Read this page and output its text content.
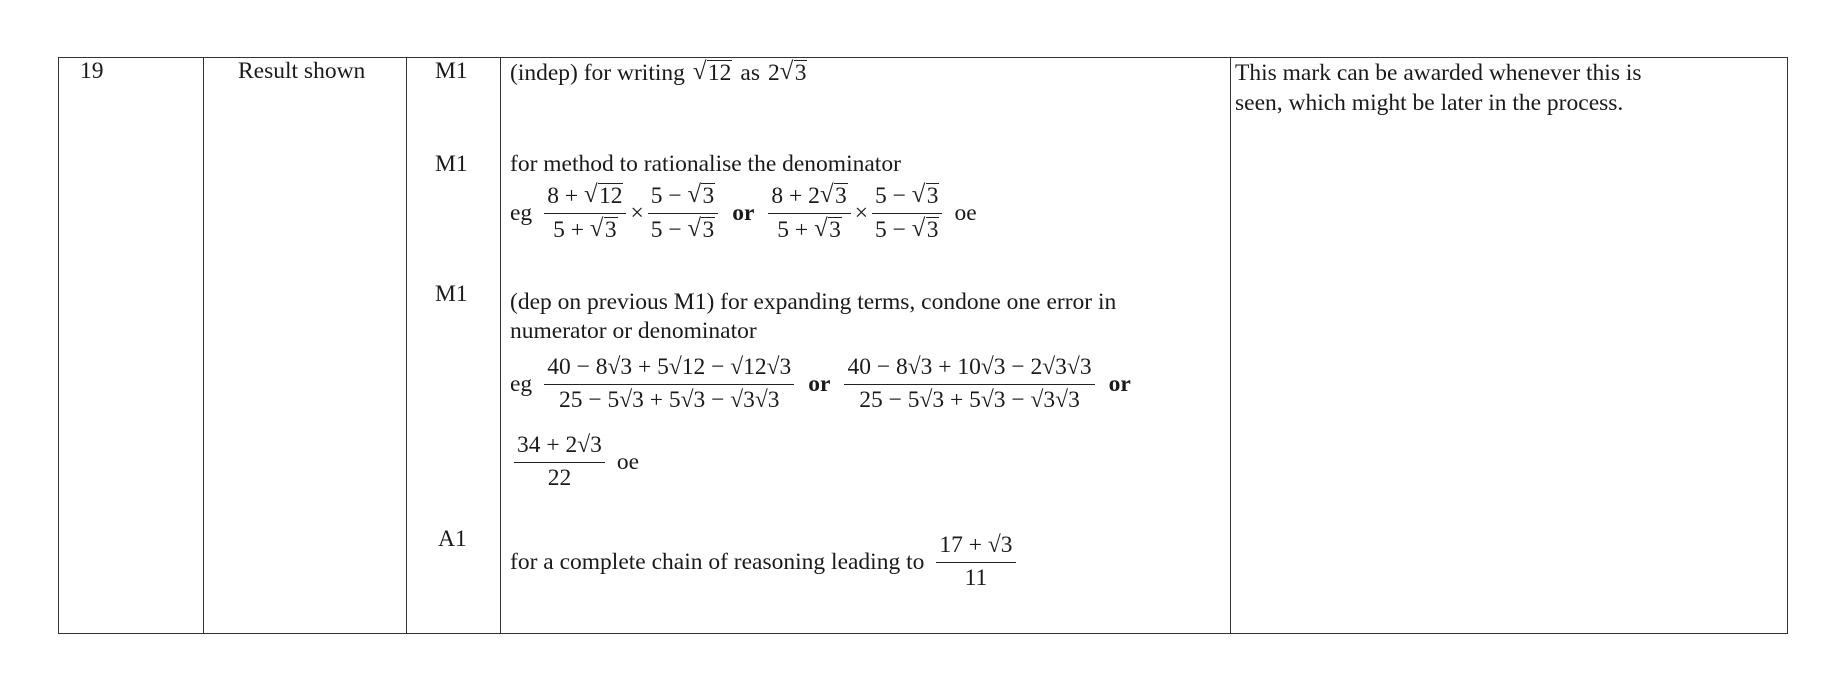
19	Result shown	M1
M1
M1
A1
(indep) for writing √ 12 as 2 √ 3
for method to rationalise the denominator
eg $\frac{8 + √ 12}{5 + √ 3} \times \frac{5 - √ 3}{5 - √ 3}$ or $\frac{8 + 2 √ 3}{5 + √ 3} \times \frac{5 - √ 3}{5 - √ 3}$ oe
(dep on previous M1) for expanding terms, condone one error in
numerator or denominator
eg $\frac{40 - 8√3 + 5√12 - √12√3}{25 - 5√3 + 5√3 - √3√3}$ or $\frac{40 - 8√3 + 10√3 - 2√3√3}{25 - 5√3 + 5√3 - √3√3}$ or
$\frac{34 + 2√3}{22}$ oe
for a complete chain of reasoning leading to $\frac{17 + √3}{11}$
This mark can be awarded whenever this is
seen, which might be later in the process.
